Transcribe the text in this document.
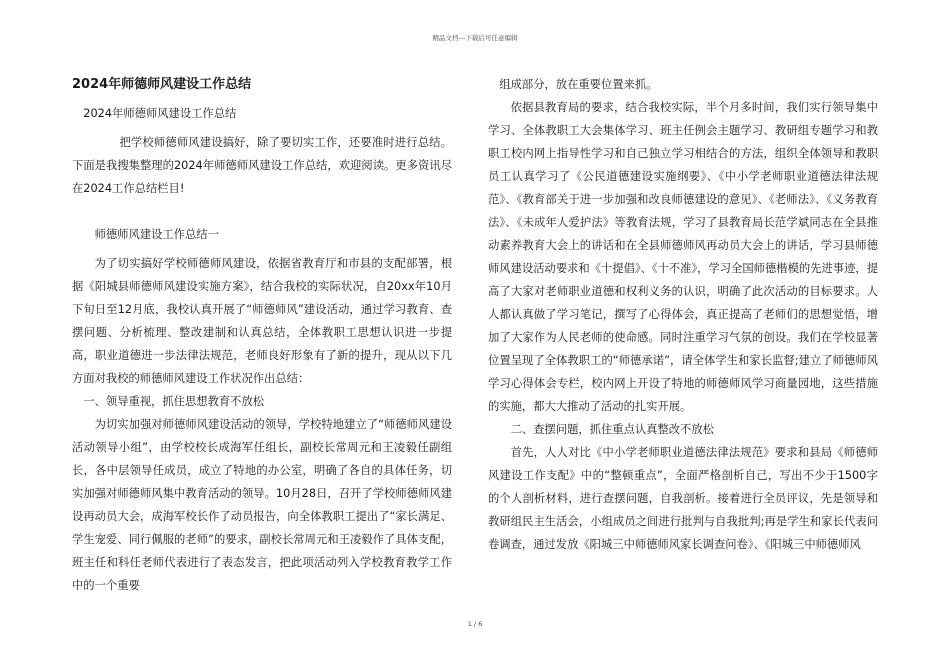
精品文档---下载后可任意编辑

2024年师德师风建设工作总结

2024年师德师风建设工作总结

把学校师德师风建设搞好，除了要切实工作，还要准时进行总结。下面是我搜集整理的2024年师德师风建设工作总结，欢迎阅读。更多资讯尽在2024工作总结栏目!

师德师风建设工作总结一

为了切实搞好学校师德师风建设，依据省教育厅和市县的支配部署，根据《阳城县师德师风建设实施方案》，结合我校的实际状况，自20xx年10月下旬日至12月底，我校认真开展了“师德师风”建设活动，通过学习教育、查摆问题、分析梳理、整改建制和认真总结，全体教职工思想认识进一步提高，职业道德进一步法律法规范，老师良好形象有了新的提升，现从以下几方面对我校的师德师风建设工作状况作出总结：

一、领导重视，抓住思想教育不放松

为切实加强对师德师风建设活动的领导，学校特地建立了“师德师风建设活动领导小组”，由学校校长成海军任组长，副校长常周元和王凌毅任副组长，各中层领导任成员，成立了特地的办公室，明确了各自的具体任务，切实加强对师德师风集中教育活动的领导。10月28日，召开了学校师德师风建设再动员大会，成海军校长作了动员报告，向全体教职工提出了“家长满足、学生宠爱、同行佩服的老师”的要求，副校长常周元和王凌毅作了具体支配，班主任和科任老师代表进行了表态发言，把此项活动列入学校教育教学工作中的一个重要

组成部分，放在重要位置来抓。

依据县教育局的要求，结合我校实际，半个月多时间，我们实行领导集中学习、全体教职工大会集体学习、班主任例会主题学习、教研组专题学习和教职工校内网上指导性学习和自己独立学习相结合的方法，组织全体领导和教职员工认真学习了《公民道德建设实施纲要》、《中小学老师职业道德法律法规范》、《教育部关于进一步加强和改良师德建设的意见》、《老师法》、《义务教育法》、《未成年人爱护法》等教育法规，学习了县教育局长范学斌同志在全县推动素养教育大会上的讲话和在全县师德师风再动员大会上的讲话，学习县师德师风建设活动要求和《十提倡》、《十不准》，学习全国师德楷模的先进事迹，提高了大家对老师职业道德和权利义务的认识，明确了此次活动的目标要求。人人都认真做了学习笔记，撰写了心得体会，真正提高了老师们的思想觉悟，增加了大家作为人民老师的使命感。同时注重学习气氛的创设。我们在学校显著位置呈现了全体教职工的“师德承诺”，请全体学生和家长监督;建立了师德师风学习心得体会专栏，校内网上开设了特地的师德师风学习商量园地，这些措施的实施，都大大推动了活动的扎实开展。

二、查摆问题，抓住重点认真整改不放松

首先，人人对比《中小学老师职业道德法律法规范》要求和县局《师德师风建设工作支配》中的“整顿重点”，全面严格剖析自己，写出不少于1500字的个人剖析材料，进行查摆问题，自我剖析。接着进行全员评议，先是领导和教研组民主生活会，小组成员之间进行批判与自我批判;再是学生和家长代表问卷调查，通过发放《阳城三中师德师风家长调查问卷》、《阳城三中师德师风

1 / 6
